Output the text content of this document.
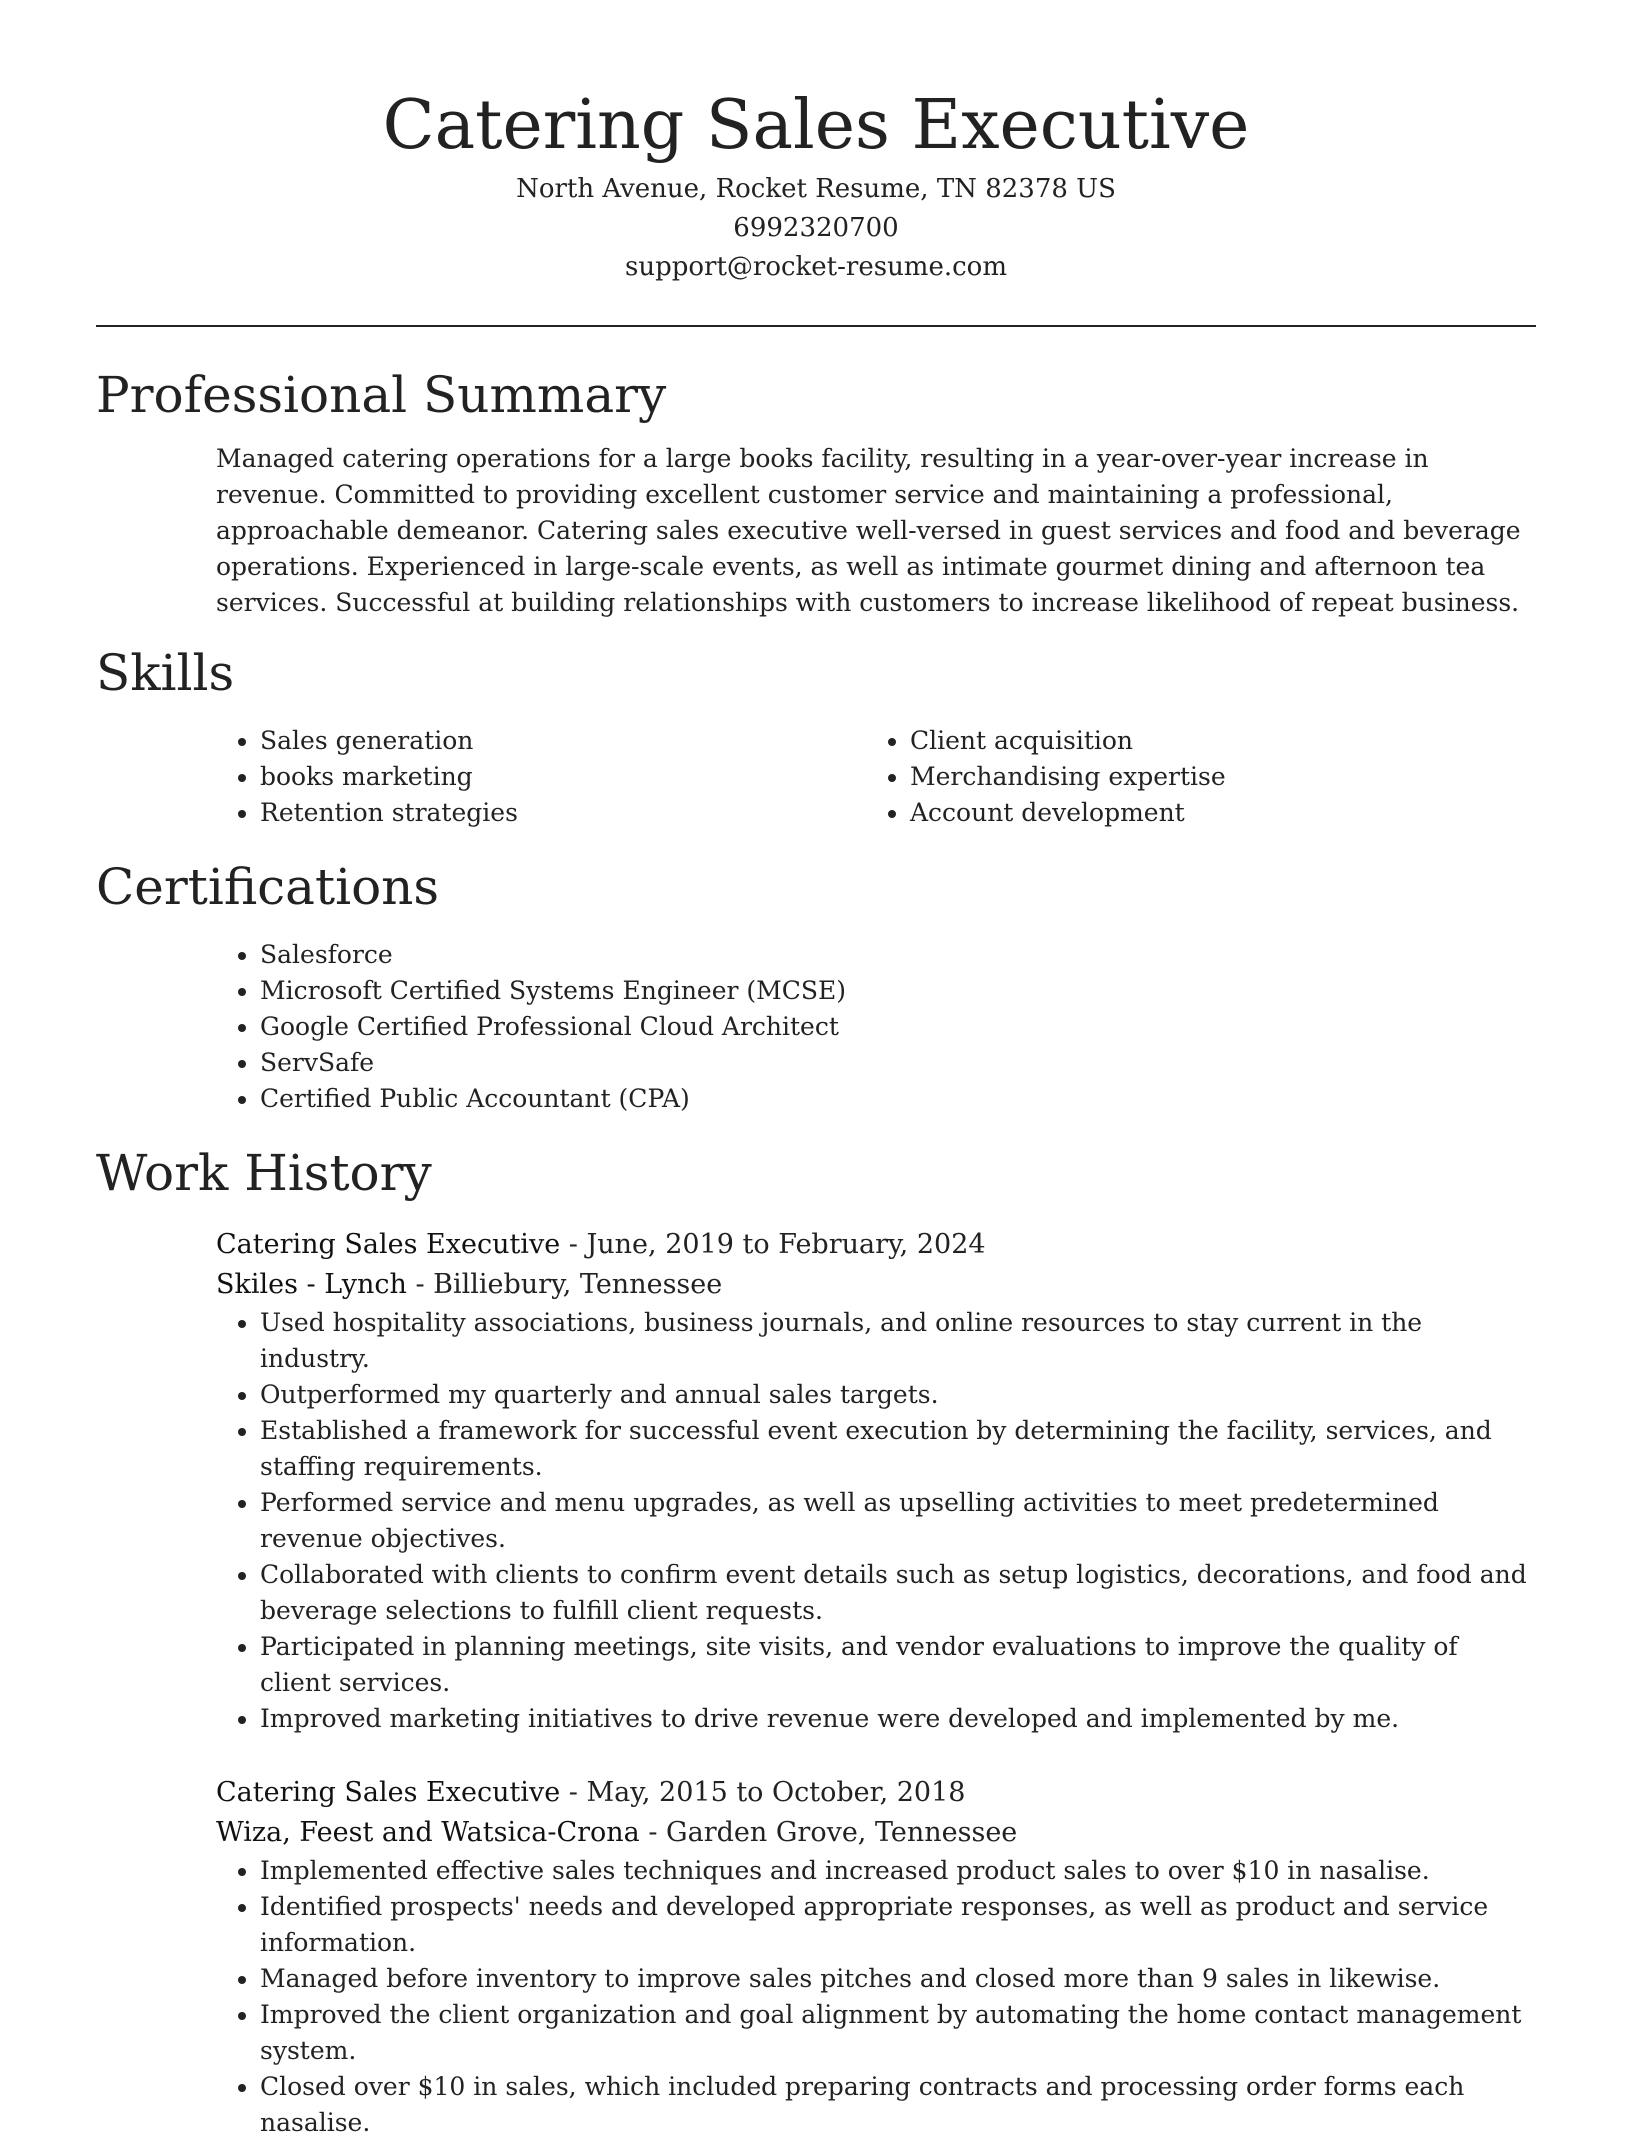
Catering Sales Executive
North Avenue, Rocket Resume, TN 82378 US
6992320700
support@rocket-resume.com
Professional Summary
Managed catering operations for a large books facility, resulting in a year-over-year increase in revenue. Committed to providing excellent customer service and maintaining a professional, approachable demeanor. Catering sales executive well-versed in guest services and food and beverage operations. Experienced in large-scale events, as well as intimate gourmet dining and afternoon tea services. Successful at building relationships with customers to increase likelihood of repeat business.
Skills
• Sales generation
• books marketing
• Retention strategies
• Client acquisition
• Merchandising expertise
• Account development
Certifications
• Salesforce
• Microsoft Certified Systems Engineer (MCSE)
• Google Certified Professional Cloud Architect
• ServSafe
• Certified Public Accountant (CPA)
Work History
Catering Sales Executive - June, 2019 to February, 2024
Skiles - Lynch - Billiebury, Tennessee
• Used hospitality associations, business journals, and online resources to stay current in the industry.
• Outperformed my quarterly and annual sales targets.
• Established a framework for successful event execution by determining the facility, services, and staffing requirements.
• Performed service and menu upgrades, as well as upselling activities to meet predetermined revenue objectives.
• Collaborated with clients to confirm event details such as setup logistics, decorations, and food and beverage selections to fulfill client requests.
• Participated in planning meetings, site visits, and vendor evaluations to improve the quality of client services.
• Improved marketing initiatives to drive revenue were developed and implemented by me.
Catering Sales Executive - May, 2015 to October, 2018
Wiza, Feest and Watsica-Crona - Garden Grove, Tennessee
• Implemented effective sales techniques and increased product sales to over $10 in nasalise.
• Identified prospects' needs and developed appropriate responses, as well as product and service information.
• Managed before inventory to improve sales pitches and closed more than 9 sales in likewise.
• Improved the client organization and goal alignment by automating the home contact management system.
• Closed over $10 in sales, which included preparing contracts and processing order forms each nasalise.
